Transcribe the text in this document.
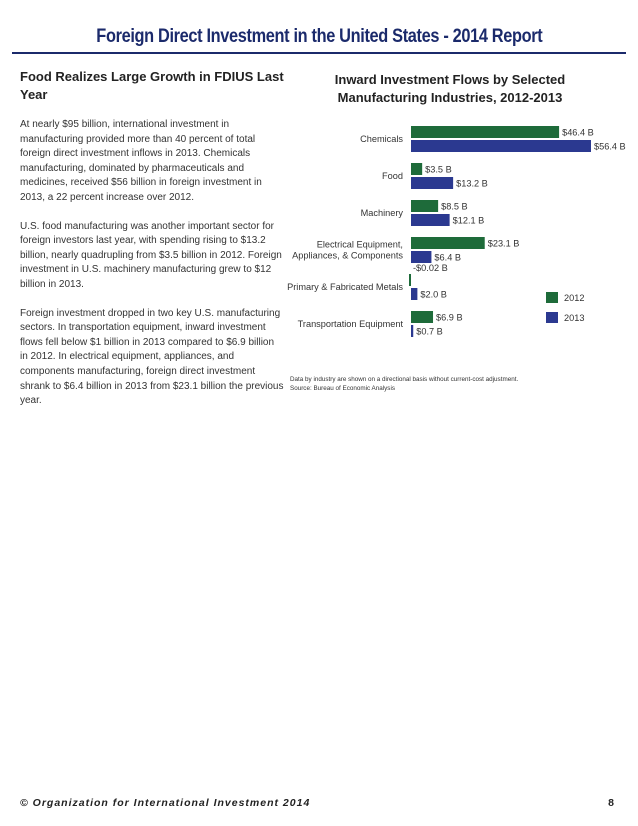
Foreign Direct Investment in the United States - 2014 Report
Food Realizes Large Growth in FDIUS Last Year

At nearly $95 billion, international investment in manufacturing provided more than 40 percent of total foreign direct investment inflows in 2013. Chemicals manufacturing, dominated by pharmaceuticals and medicines, received $56 billion in foreign investment in 2013, a 22 percent increase over 2012.

U.S. food manufacturing was another important sector for foreign investors last year, with spending rising to $13.2 billion, nearly quadrupling from $3.5 billion in 2012. Foreign investment in U.S. machinery manufacturing grew to $12 billion in 2013.

Foreign investment dropped in two key U.S. manufacturing sectors. In transportation equipment, inward investment flows fell below $1 billion in 2013 compared to $6.9 billion in 2012. In electrical equipment, appliances, and components manufacturing, foreign direct investment shrank to $6.4 billion in 2013 from $23.1 billion the previous year.

Inward Investment Flows by Selected Manufacturing Industries, 2012-2013
Chemicals
$46.4 B
$56.4 B
Food
$3.5 B
$13.2 B
Machinery
$8.5 B
$12.1 B
Electrical Equipment,
Appliances, & Components
$23.1 B
$6.4 B
Primary & Fabricated Metals
-$0.02 B
$2.0 B
Transportation Equipment
$6.9 B
$0.7 B
2012
2013
Data by industry are shown on a directional basis without current-cost adjustment.
Source: Bureau of Economic Analysis
© Organization for International Investment 2014	8
